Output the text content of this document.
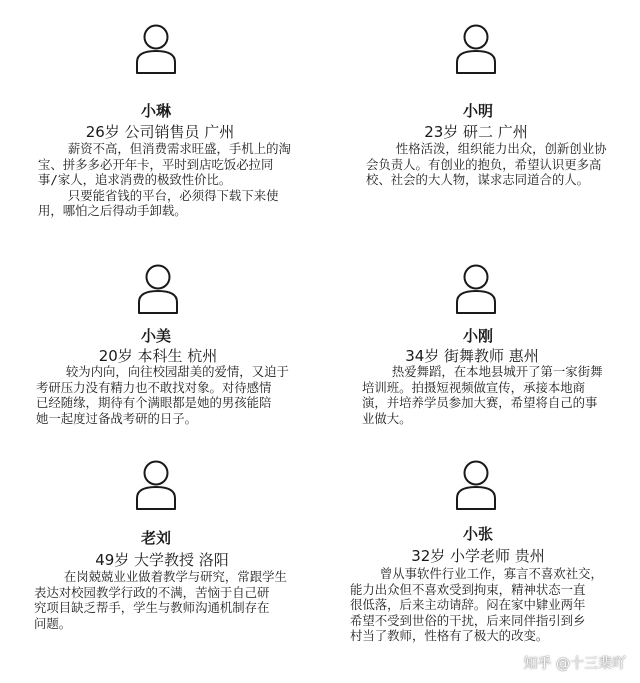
小琳
26岁 公司销售员 广州
薪资不高，但消费需求旺盛，手机上的淘
宝、拼多多必开年卡，平时到店吃饭必拉同
事/家人，追求消费的极致性价比。
只要能省钱的平台，必须得下载下来使
用，哪怕之后得动手卸载。
小明
23岁 研二 广州
性格活泼，组织能力出众，创新创业协
会负责人。有创业的抱负，希望认识更多高
校、社会的大人物，谋求志同道合的人。
小美
20岁 本科生 杭州
较为内向，向往校园甜美的爱情，又迫于
考研压力没有精力也不敢找对象。对待感情
已经随缘，期待有个满眼都是她的男孩能陪
她一起度过备战考研的日子。
小刚
34岁 街舞教师 惠州
热爱舞蹈，在本地县城开了第一家街舞
培训班。拍摄短视频做宣传，承接本地商
演，并培养学员参加大赛，希望将自己的事
业做大。
老刘
49岁 大学教授 洛阳
在岗兢兢业业做着教学与研究，常跟学生
表达对校园教学行政的不满，苦恼于自己研
究项目缺乏帮手，学生与教师沟通机制存在
问题。
小张
32岁 小学老师 贵州
曾从事软件行业工作，寡言不喜欢社交，
能力出众但不喜欢受到拘束，精神状态一直
很低落，后来主动请辞。闷在家中肄业两年
希望不受到世俗的干扰，后来同伴指引到乡
村当了教师，性格有了极大的改变。
知乎 @十三棐吖
